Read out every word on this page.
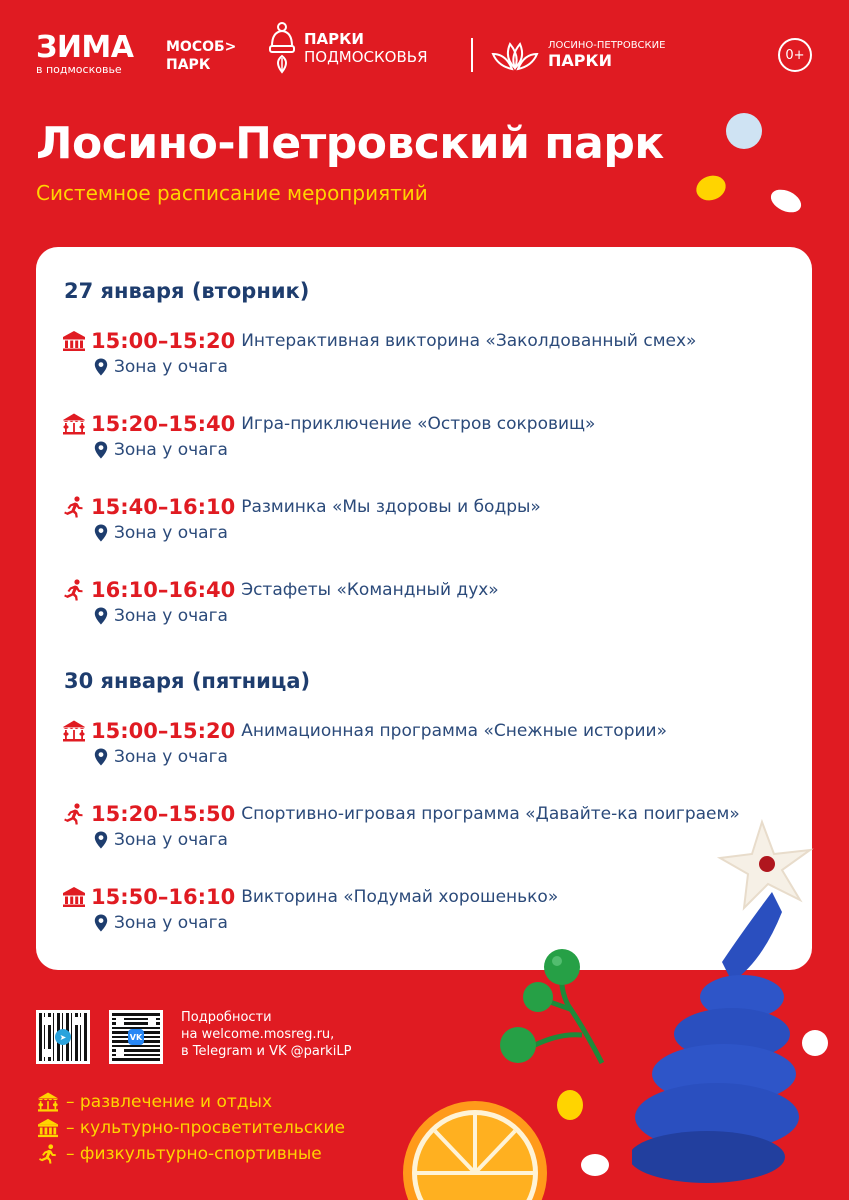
ЗИМА
в подмосковье
МОСОБ>
ПАРК
ПАРКИ
ПОДМОСКОВЬЯ
ЛОСИНО-ПЕТРОВСКИЕ
ПАРКИ	0+
Лосино-Петровский парк
Системное расписание мероприятий
27 января (вторник)
15:00–15:20 Интерактивная викторина «Заколдованный смех»
Зона у очага
15:20–15:40 Игра-приключение «Остров сокровищ»
Зона у очага
15:40–16:10 Разминка «Мы здоровы и бодры»
Зона у очага
16:10–16:40 Эстафеты «Командный дух»
Зона у очага
30 января (пятница)
15:00–15:20 Анимационная программа «Снежные истории»
Зона у очага
15:20–15:50 Спортивно-игровая программа «Давайте-ка поиграем»
Зона у очага
15:50–16:10 Викторина «Подумай хорошенько»
Зона у очага
➤	VK
Подробности
на welcome.mosreg.ru,
в Telegram и VK @parkiLP
– развлечение и отдых
– культурно-просветительские
– физкультурно-спортивные
